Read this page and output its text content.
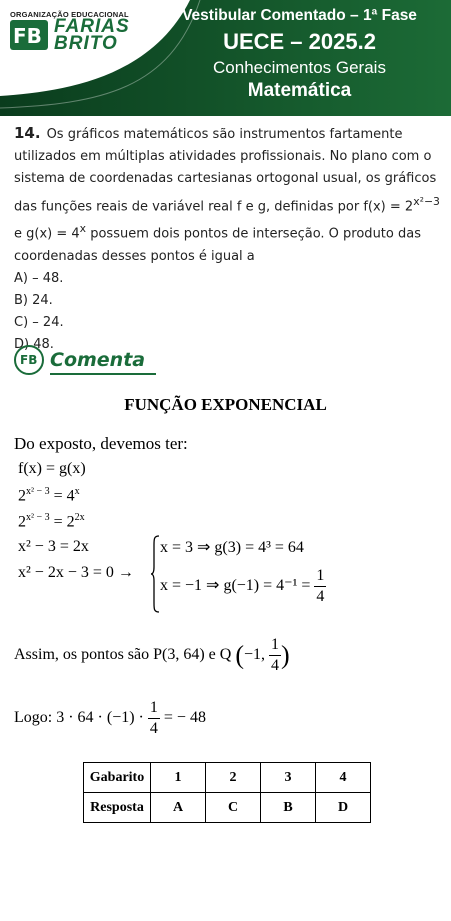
ORGANIZAÇÃO EDUCACIONAL
FB FARIAS
BRITO
Vestibular Comentado – 1ª Fase
UECE – 2025.2
Conhecimentos Gerais
Matemática

14. Os gráficos matemáticos são instrumentos fartamente utilizados em múltiplas atividades profissionais. No plano com o sistema de coordenadas cartesianas ortogonal usual, os gráficos das funções reais de variável real f e g, definidas por $f(x) = 2^{x^2-3}$ e $g(x) = 4^x$ possuem dois pontos de interseção. O produto das coordenadas desses pontos é igual a

A) – 48.
B) 24.
C) – 24.
D) 48.
FB Comenta
FUNÇÃO EXPONENCIAL
Do exposto, devemos ter:
f(x) = g(x)
$2^{x^2 - 3} = 4^x$
$2^{x^2 - 3} = 2^{2x}$
x² − 3 = 2x
x² − 2x − 3 = 0 →
x = 3 ⇒ g(3) = 4³ = 64
x = −1 ⇒ $g(-1) = 4^{-1} = \frac{1}{4}$
Assim, os pontos são P(3, 64) e Q (−1, $\frac{1}{4}$ )
Logo: $3 \cdot 64 \cdot (-1) \cdot \frac{1}{4}$ = − 48
Gabarito	1	2	3	4
Resposta	A	C	B	D
